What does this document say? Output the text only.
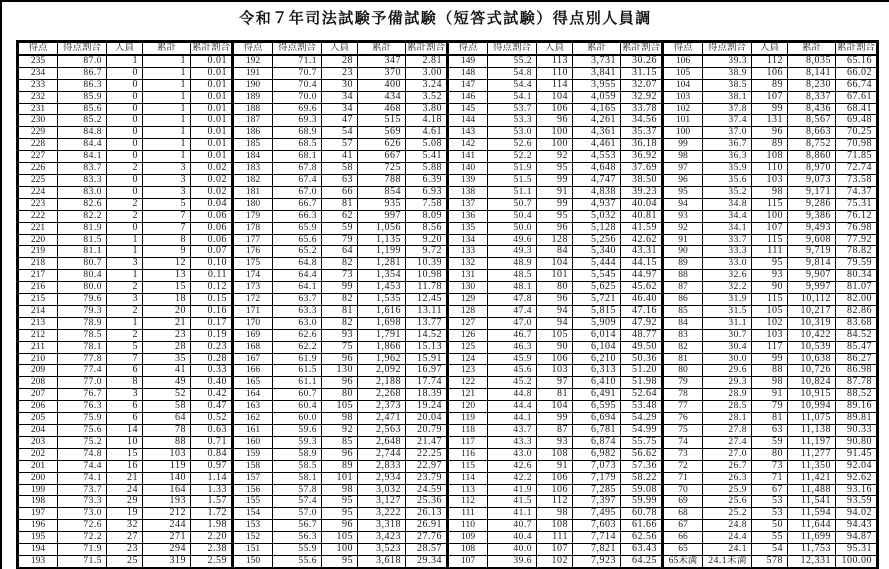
令和７年司法試験予備試験（短答式試験）得点別人員調
得点	得点割合	人員	累計	累計割合	得点	得点割合	人員	累計	累計割合	得点	得点割合	人員	累計	累計割合	得点	得点割合	人員	累計	累計割合
235	87.0	1	1	0.01	192	71.1	28	347	2.81	149	55.2	113	3,731	30.26	106	39.3	112	8,035	65.16
234	86.7	0	1	0.01	191	70.7	23	370	3.00	148	54.8	110	3,841	31.15	105	38.9	106	8,141	66.02
233	86.3	0	1	0.01	190	70.4	30	400	3.24	147	54.4	114	3,955	32.07	104	38.5	89	8,230	66.74
232	85.9	0	1	0.01	189	70.0	34	434	3.52	146	54.1	104	4,059	32.92	103	38.1	107	8,337	67.61
231	85.6	0	1	0.01	188	69.6	34	468	3.80	145	53.7	106	4,165	33.78	102	37.8	99	8,436	68.41
230	85.2	0	1	0.01	187	69.3	47	515	4.18	144	53.3	96	4,261	34.56	101	37.4	131	8,567	69.48
229	84.8	0	1	0.01	186	68.9	54	569	4.61	143	53.0	100	4,361	35.37	100	37.0	96	8,663	70.25
228	84.4	0	1	0.01	185	68.5	57	626	5.08	142	52.6	100	4,461	36.18	99	36.7	89	8,752	70.98
227	84.1	0	1	0.01	184	68.1	41	667	5.41	141	52.2	92	4,553	36.92	98	36.3	108	8,860	71.85
226	83.7	2	3	0.02	183	67.8	58	725	5.88	140	51.9	95	4,648	37.69	97	35.9	110	8,970	72.74
225	83.3	0	3	0.02	182	67.4	63	788	6.39	139	51.5	99	4,747	38.50	96	35.6	103	9,073	73.58
224	83.0	0	3	0.02	181	67.0	66	854	6.93	138	51.1	91	4,838	39.23	95	35.2	98	9,171	74.37
223	82.6	2	5	0.04	180	66.7	81	935	7.58	137	50.7	99	4,937	40.04	94	34.8	115	9,286	75.31
222	82.2	2	7	0.06	179	66.3	62	997	8.09	136	50.4	95	5,032	40.81	93	34.4	100	9,386	76.12
221	81.9	0	7	0.06	178	65.9	59	1,056	8.56	135	50.0	96	5,128	41.59	92	34.1	107	9,493	76.98
220	81.5	1	8	0.06	177	65.6	79	1,135	9.20	134	49.6	128	5,256	42.62	91	33.7	115	9,608	77.92
219	81.1	1	9	0.07	176	65.2	64	1,199	9.72	133	49.3	84	5,340	43.31	90	33.3	111	9,719	78.82
218	80.7	3	12	0.10	175	64.8	82	1,281	10.39	132	48.9	104	5,444	44.15	89	33.0	95	9,814	79.59
217	80.4	1	13	0.11	174	64.4	73	1,354	10.98	131	48.5	101	5,545	44.97	88	32.6	93	9,907	80.34
216	80.0	2	15	0.12	173	64.1	99	1,453	11.78	130	48.1	80	5,625	45.62	87	32.2	90	9,997	81.07
215	79.6	3	18	0.15	172	63.7	82	1,535	12.45	129	47.8	96	5,721	46.40	86	31.9	115	10,112	82.00
214	79.3	2	20	0.16	171	63.3	81	1,616	13.11	128	47.4	94	5,815	47.16	85	31.5	105	10,217	82.86
213	78.9	1	21	0.17	170	63.0	82	1,698	13.77	127	47.0	94	5,909	47.92	84	31.1	102	10,319	83.68
212	78.5	2	23	0.19	169	62.6	93	1,791	14.52	126	46.7	105	6,014	48.77	83	30.7	103	10,422	84.52
211	78.1	5	28	0.23	168	62.2	75	1,866	15.13	125	46.3	90	6,104	49.50	82	30.4	117	10,539	85.47
210	77.8	7	35	0.28	167	61.9	96	1,962	15.91	124	45.9	106	6,210	50.36	81	30.0	99	10,638	86.27
209	77.4	6	41	0.33	166	61.5	130	2,092	16.97	123	45.6	103	6,313	51.20	80	29.6	88	10,726	86.98
208	77.0	8	49	0.40	165	61.1	96	2,188	17.74	122	45.2	97	6,410	51.98	79	29.3	98	10,824	87.78
207	76.7	3	52	0.42	164	60.7	80	2,268	18.39	121	44.8	81	6,491	52.64	78	28.9	91	10,915	88.52
206	76.3	6	58	0.47	163	60.4	105	2,373	19.24	120	44.4	104	6,595	53.48	77	28.5	79	10,994	89.16
205	75.9	6	64	0.52	162	60.0	98	2,471	20.04	119	44.1	99	6,694	54.29	76	28.1	81	11,075	89.81
204	75.6	14	78	0.63	161	59.6	92	2,563	20.79	118	43.7	87	6,781	54.99	75	27.8	63	11,138	90.33
203	75.2	10	88	0.71	160	59.3	85	2,648	21.47	117	43.3	93	6,874	55.75	74	27.4	59	11,197	90.80
202	74.8	15	103	0.84	159	58.9	96	2,744	22.25	116	43.0	108	6,982	56.62	73	27.0	80	11,277	91.45
201	74.4	16	119	0.97	158	58.5	89	2,833	22.97	115	42.6	91	7,073	57.36	72	26.7	73	11,350	92.04
200	74.1	21	140	1.14	157	58.1	101	2,934	23.79	114	42.2	106	7,179	58.22	71	26.3	71	11,421	92.62
199	73.7	24	164	1.33	156	57.8	98	3,032	24.59	113	41.9	106	7,285	59.08	70	25.9	67	11,488	93.16
198	73.3	29	193	1.57	155	57.4	95	3,127	25.36	112	41.5	112	7,397	59.99	69	25.6	53	11,541	93.59
197	73.0	19	212	1.72	154	57.0	95	3,222	26.13	111	41.1	98	7,495	60.78	68	25.2	53	11,594	94.02
196	72.6	32	244	1.98	153	56.7	96	3,318	26.91	110	40.7	108	7,603	61.66	67	24.8	50	11,644	94.43
195	72.2	27	271	2.20	152	56.3	105	3,423	27.76	109	40.4	111	7,714	62.56	66	24.4	55	11,699	94.87
194	71.9	23	294	2.38	151	55.9	100	3,523	28.57	108	40.0	107	7,821	63.43	65	24.1	54	11,753	95.31
193	71.5	25	319	2.59	150	55.6	95	3,618	29.34	107	39.6	102	7,923	64.25	65未満	24.1未満	578	12,331	100.00
